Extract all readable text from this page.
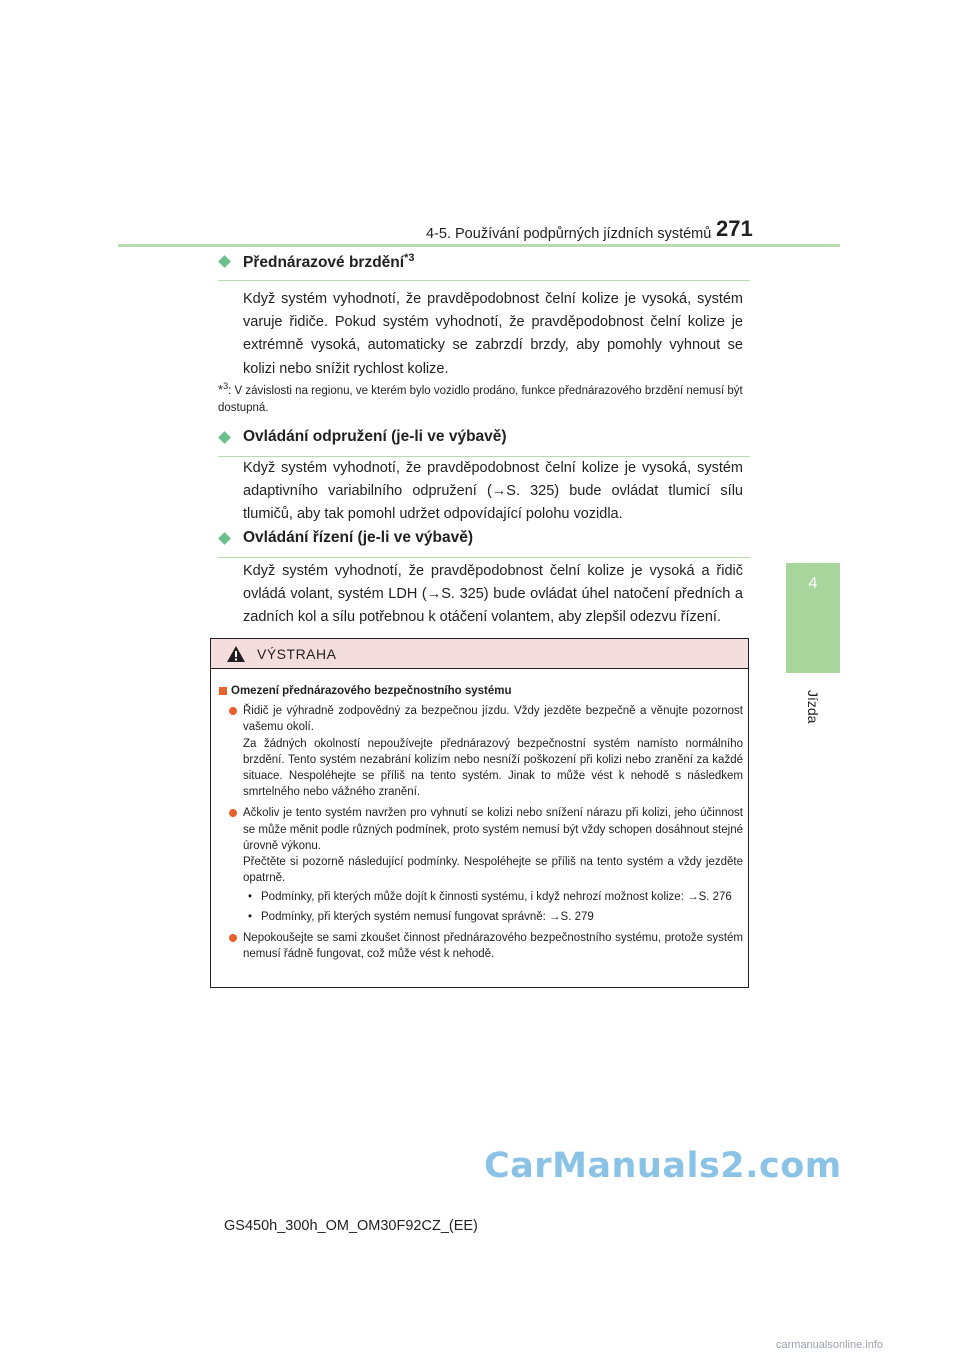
4-5. Používání podpůrných jízdních systémů 271
4
Jízda
Přednárazové brzdění$^{*3}$
Když systém vyhodnotí, že pravděpodobnost čelní kolize je vysoká, systém varuje řidiče. Pokud systém vyhodnotí, že pravděpodobnost čelní kolize je extrémně vysoká, automaticky se zabrzdí brzdy, aby pomohly vyhnout se kolizi nebo snížit rychlost kolize.
*$^3$: V závislosti na regionu, ve kterém bylo vozidlo prodáno, funkce přednárazového brzdění nemusí být dostupná.
Ovládání odpružení (je-li ve výbavě)
Když systém vyhodnotí, že pravděpodobnost čelní kolize je vysoká, systém adaptivního variabilního odpružení (→S. 325) bude ovládat tlumicí sílu tlumičů, aby tak pomohl udržet odpovídající polohu vozidla.
Ovládání řízení (je-li ve výbavě)
Když systém vyhodnotí, že pravděpodobnost čelní kolize je vysoká a řidič ovládá volant, systém LDH (→S. 325) bude ovládat úhel natočení předních a zadních kol a sílu potřebnou k otáčení volantem, aby zlepšil odezvu řízení.
VÝSTRAHA
Omezení přednárazového bezpečnostního systému

Řidič je výhradně zodpovědný za bezpečnou jízdu. Vždy jezděte bezpečně a věnujte pozornost vašemu okolí.

Za žádných okolností nepoužívejte přednárazový bezpečnostní systém namísto normálního brzdění. Tento systém nezabrání kolizím nebo nesníží poškození při kolizi nebo zranění za každé situace. Nespoléhejte se příliš na tento systém. Jinak to může vést k nehodě s následkem smrtelného nebo vážného zranění.

Ačkoliv je tento systém navržen pro vyhnutí se kolizi nebo snížení nárazu při kolizi, jeho účinnost se může měnit podle různých podmínek, proto systém nemusí být vždy schopen dosáhnout stejné úrovně výkonu.

Přečtěte si pozorně následující podmínky. Nespoléhejte se příliš na tento systém a vždy jezděte opatrně.

• Podmínky, při kterých může dojít k činnosti systému, i když nehrozí možnost kolize: →S. 276
• Podmínky, při kterých systém nemusí fungovat správně: →S. 279

Nepokoušejte se sami zkoušet činnost přednárazového bezpečnostního systému, protože systém nemusí řádně fungovat, což může vést k nehodě.

CarManuals2.com
GS450h_300h_OM_OM30F92CZ_(EE)
carmanualsonline.info
